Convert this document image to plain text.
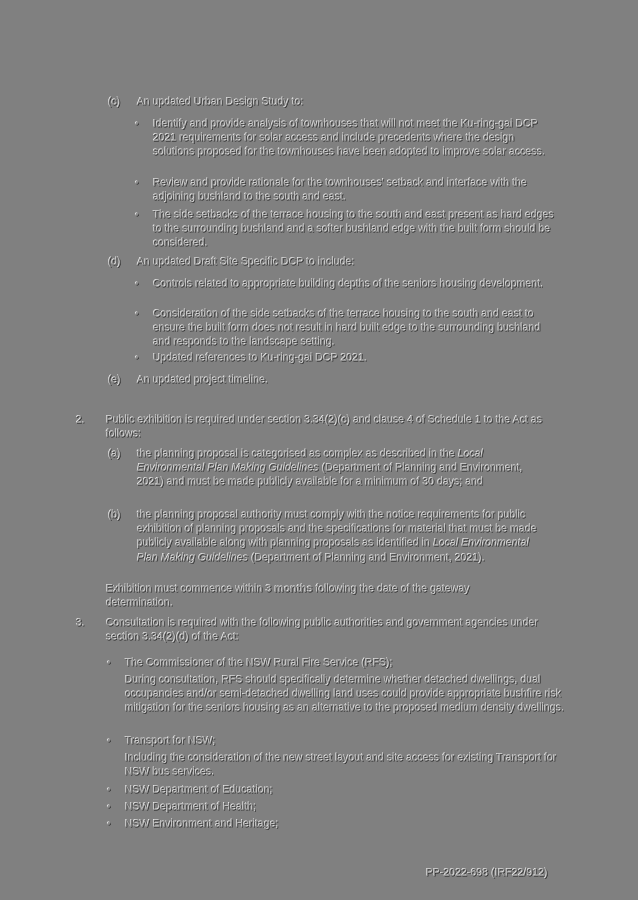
(c) An updated Urban Design Study to:
• Identify and provide analysis of townhouses that will not meet the Ku-ring-gai DCP 2021 requirements for solar access and include precedents where the design solutions proposed for the townhouses have been adopted to improve solar access.
• Review and provide rationale for the townhouses' setback and interface with the adjoining bushland to the south and east.
• The side setbacks of the terrace housing to the south and east present as hard edges to the surrounding bushland and a softer bushland edge with the built form should be considered.
(d) An updated Draft Site Specific DCP to include:
• Controls related to appropriate building depths of the seniors housing development.
• Consideration of the side setbacks of the terrace housing to the south and east to ensure the built form does not result in hard built edge to the surrounding bushland and responds to the landscape setting.
• Updated references to Ku-ring-gai DCP 2021.
(e) An updated project timeline.
2. Public exhibition is required under section 3.34(2)(c) and clause 4 of Schedule 1 to the Act as follows:
(a) the planning proposal is categorised as complex as described in the Local Environmental Plan Making Guidelines (Department of Planning and Environment, 2021) and must be made publicly available for a minimum of 30 days; and
(b) the planning proposal authority must comply with the notice requirements for public exhibition of planning proposals and the specifications for material that must be made publicly available along with planning proposals as identified in Local Environmental Plan Making Guidelines (Department of Planning and Environment, 2021).
Exhibition must commence within 3 months following the date of the gateway determination.
3. Consultation is required with the following public authorities and government agencies under section 3.34(2)(d) of the Act:
• The Commissioner of the NSW Rural Fire Service (RFS);
During consultation, RFS should specifically determine whether detached dwellings, dual occupancies and/or semi-detached dwelling land uses could provide appropriate bushfire risk mitigation for the seniors housing as an alternative to the proposed medium density dwellings.
• Transport for NSW;
Including the consideration of the new street layout and site access for existing Transport for NSW bus services.
• NSW Department of Education;
• NSW Department of Health;
• NSW Environment and Heritage;
PP-2022-698 (IRF22/912)
